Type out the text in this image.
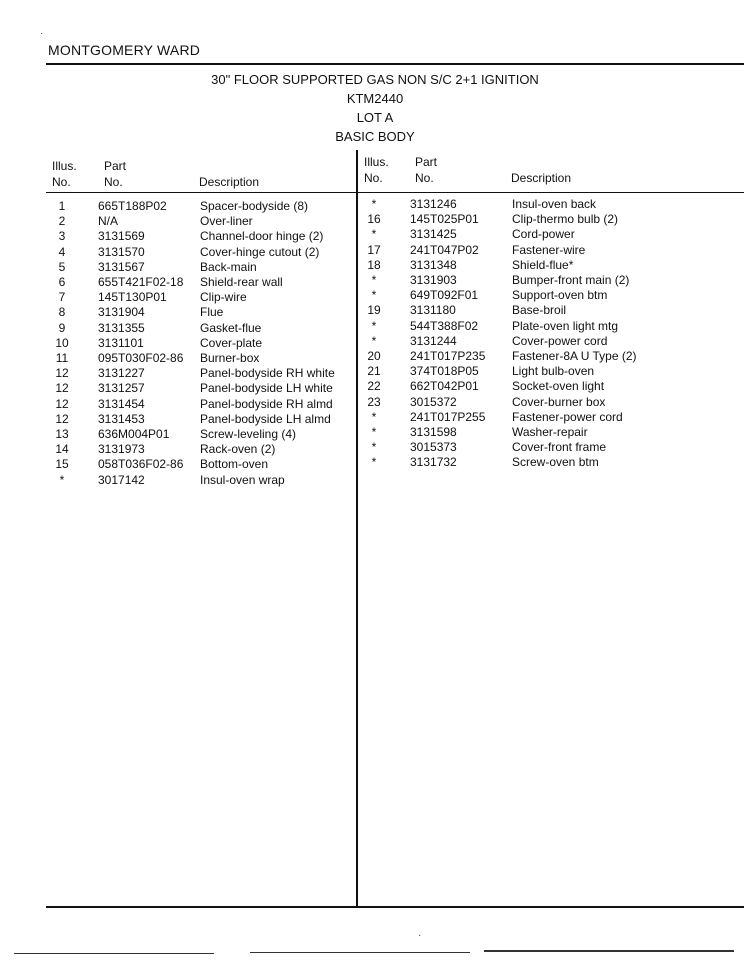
MONTGOMERY WARD
30" FLOOR SUPPORTED GAS NON S/C 2+1 IGNITION
KTM2440
LOT A
BASIC BODY
Illus.
No.
Part
No.	Description
Illus.
No.
Part
No.	Description
1	665T188P02	Spacer-bodyside (8)
2	N/A	Over-liner
3	3131569	Channel-door hinge (2)
4	3131570	Cover-hinge cutout (2)
5	3131567	Back-main
6	655T421F02-18 Shield-rear wall
7	145T130P01	Clip-wire
8	3131904	Flue
9	3131355	Gasket-flue
10	3131101	Cover-plate
11	095T030F02-86 Burner-box
12	3131227	Panel-bodyside RH white
12	3131257	Panel-bodyside LH white
12	3131454	Panel-bodyside RH almd
12	3131453	Panel-bodyside LH almd
13	636M004P01	Screw-leveling (4)
14	3131973	Rack-oven (2)
15	058T036F02-86 Bottom-oven
*	3017142	Insul-oven wrap
*	3131246	Insul-oven back
16	145T025P01	Clip-thermo bulb (2)
*	3131425	Cord-power
17	241T047P02	Fastener-wire
18	3131348	Shield-flue*
*	3131903	Bumper-front main (2)
*	649T092F01	Support-oven btm
19	3131180	Base-broil
*	544T388F02	Plate-oven light mtg
*	3131244	Cover-power cord
20	241T017P235 Fastener-8A U Type (2)
21	374T018P05	Light bulb-oven
22	662T042P01	Socket-oven light
23	3015372	Cover-burner box
*	241T017P255 Fastener-power cord
*	3131598	Washer-repair
*	3015373	Cover-front frame
*	3131732	Screw-oven btm
·
·
